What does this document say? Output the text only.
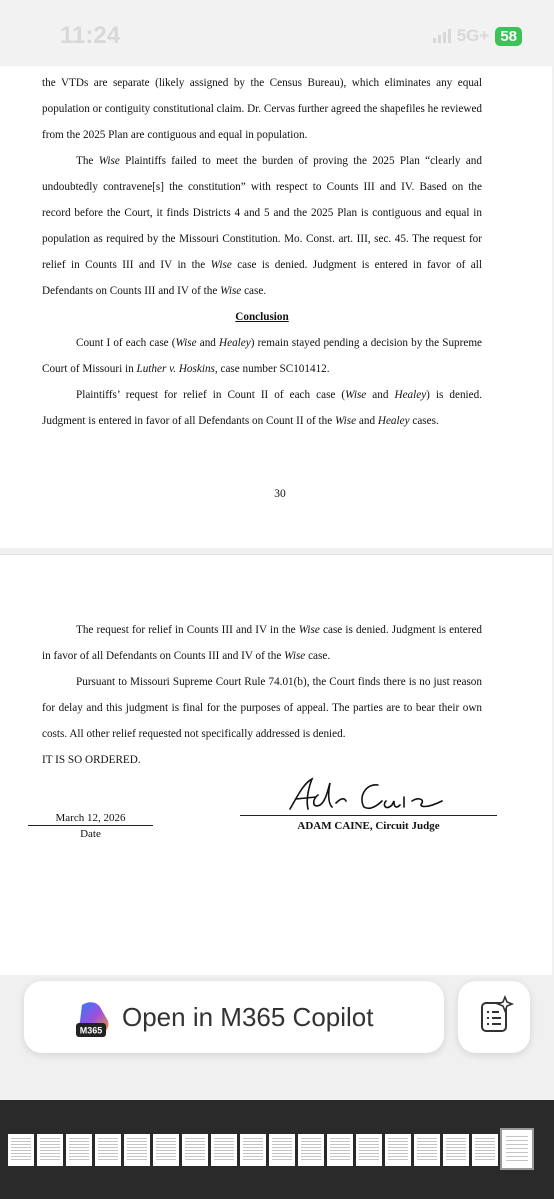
11:24	5G+ 58

the VTDs are separate (likely assigned by the Census Bureau), which eliminates any equal population or contiguity constitutional claim. Dr. Cervas further agreed the shapefiles he reviewed from the 2025 Plan are contiguous and equal in population.

The Wise Plaintiffs failed to meet the burden of proving the 2025 Plan “clearly and undoubtedly contravene[s] the constitution” with respect to Counts III and IV. Based on the record before the Court, it finds Districts 4 and 5 and the 2025 Plan is contiguous and equal in population as required by the Missouri Constitution. Mo. Const. art. III, sec. 45. The request for relief in Counts III and IV in the Wise case is denied. Judgment is entered in favor of all Defendants on Counts III and IV of the Wise case.

Conclusion

Count I of each case (Wise and Healey) remain stayed pending a decision by the Supreme Court of Missouri in Luther v. Hoskins, case number SC101412.

Plaintiffs’ request for relief in Count II of each case (Wise and Healey) is denied. Judgment is entered in favor of all Defendants on Count II of the Wise and Healey cases.

30

The request for relief in Counts III and IV in the Wise case is denied. Judgment is entered in favor of all Defendants on Counts III and IV of the Wise case.

Pursuant to Missouri Supreme Court Rule 74.01(b), the Court finds there is no just reason for delay and this judgment is final for the purposes of appeal. The parties are to bear their own costs. All other relief requested not specifically addressed is denied.

IT IS SO ORDERED.

March 12, 2026
Date
ADAM CAINE, Circuit Judge
M365 Open in M365 Copilot
